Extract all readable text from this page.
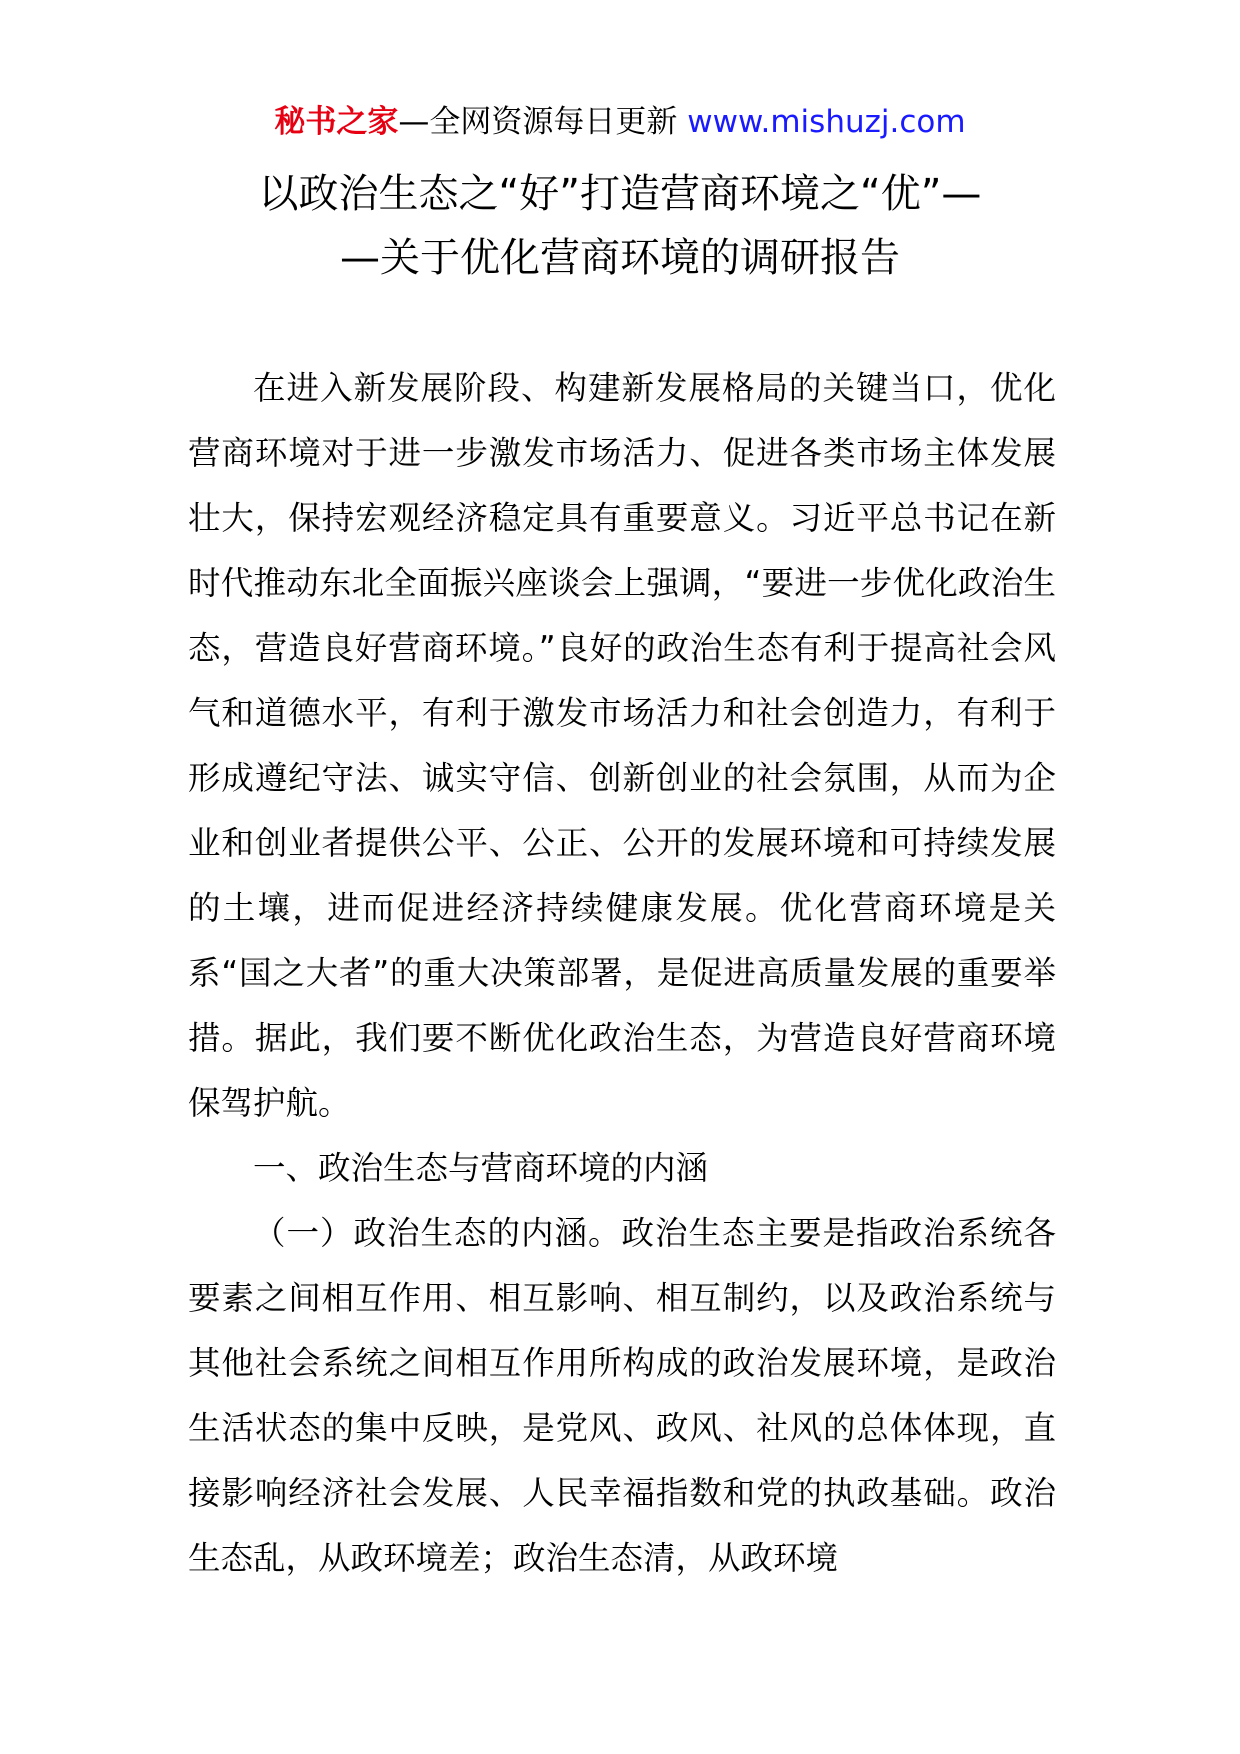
秘书之家—全网资源每日更新 www.mishuzj.com
以政治生态之“好”打造营商环境之“优”—
—关于优化营商环境的调研报告

在进入新发展阶段、构建新发展格局的关键当口，优化营商环境对于进一步激发市场活力、促进各类市场主体发展壮大，保持宏观经济稳定具有重要意义。习近平总书记在新时代推动东北全面振兴座谈会上强调，“要进一步优化政治生态，营造良好营商环境。”良好的政治生态有利于提高社会风气和道德水平，有利于激发市场活力和社会创造力，有利于形成遵纪守法、诚实守信、创新创业的社会氛围，从而为企业和创业者提供公平、公正、公开的发展环境和可持续发展的土壤，进而促进经济持续健康发展。优化营商环境是关系“国之大者”的重大决策部署，是促进高质量发展的重要举措。据此，我们要不断优化政治生态，为营造良好营商环境保驾护航。

一、政治生态与营商环境的内涵

（一）政治生态的内涵。政治生态主要是指政治系统各要素之间相互作用、相互影响、相互制约，以及政治系统与其他社会系统之间相互作用所构成的政治发展环境，是政治生活状态的集中反映，是党风、政风、社风的总体体现，直接影响经济社会发展、人民幸福指数和党的执政基础。政治生态乱，从政环境差；政治生态清，从政环境
